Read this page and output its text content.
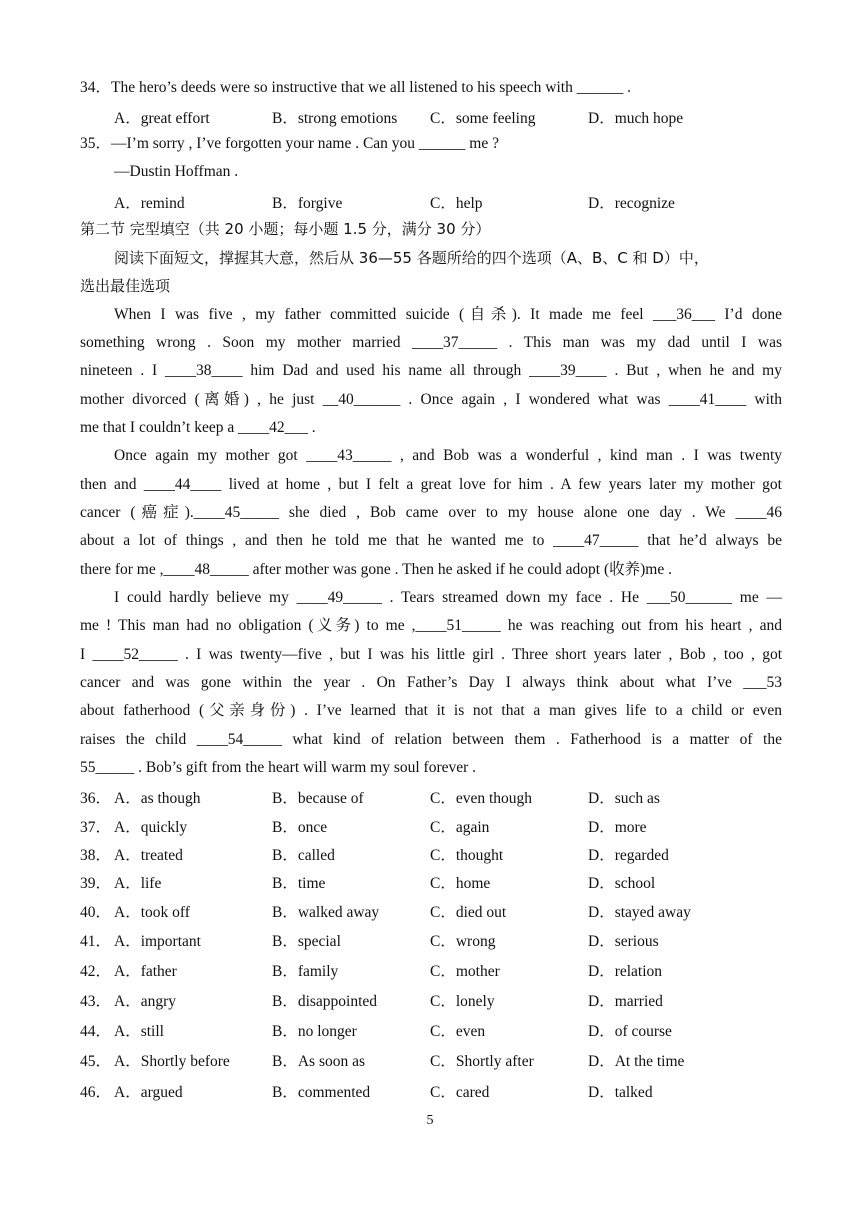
34．The hero’s deeds were so instructive that we all listened to his speech with ______ .
A．great effort	B．strong emotions C．some feeling	D．much hope
35．—I’m sorry , I’ve forgotten your name . Can you ______ me ?
—Dustin Hoffman .
A．remind	B．forgive	C．help	D．recognize
第二节 完型填空（共 20 小题；每小题 1.5 分，满分 30 分）
阅读下面短文，撑握其大意，然后从 36—55 各题所给的四个选项（A、B、C 和 D）中，
选出最佳选项
When I was five , my father committed suicide (自杀). It made me feel ___36___ I’d done
something wrong . Soon my mother married ____37_____ . This man was my dad until I was
nineteen . I ____38____ him Dad and used his name all through ____39____ . But , when he and my
mother divorced (离婚) , he just __40______ . Once again , I wondered what was ____41____ with
me that I couldn’t keep a ____42___ .
Once again my mother got ____43_____ , and Bob was a wonderful , kind man . I was twenty
then and ____44____ lived at home , but I felt a great love for him . A few years later my mother got
cancer (癌症).____45_____ she died , Bob came over to my house alone one day . We ____46
about a lot of things , and then he told me that he wanted me to ____47_____ that he’d always be
there for me ,____48_____ after mother was gone . Then he asked if he could adopt (收养)me .
I could hardly believe my ____49_____ . Tears streamed down my face . He ___50______ me —
me ! This man had no obligation (义务) to me ,____51_____ he was reaching out from his heart , and
I ____52_____ . I was twenty—five , but I was his little girl . Three short years later , Bob , too , got
cancer and was gone within the year . On Father’s Day I always think about what I’ve ___53
about fatherhood (父亲身份) . I’ve learned that it is not that a man gives life to a child or even
raises the child ____54_____ what kind of relation between them . Fatherhood is a matter of the
55_____ . Bob’s gift from the heart will warm my soul forever .
36． A．as though	B．because of	C．even though	D．such as
37． A．quickly	B．once	C．again	D．more
38． A．treated	B．called	C．thought	D．regarded
39． A．life	B．time	C．home	D．school
40． A．took off	B．walked away	C．died out	D．stayed away
41． A．important	B．special	C．wrong	D．serious
42． A．father	B．family	C．mother	D．relation
43． A．angry	B．disappointed	C．lonely	D．married
44． A．still	B．no longer	C．even	D．of course
45． A．Shortly before	B．As soon as	C．Shortly after	D．At the time
46． A．argued	B．commented	C．cared	D．talked
5
